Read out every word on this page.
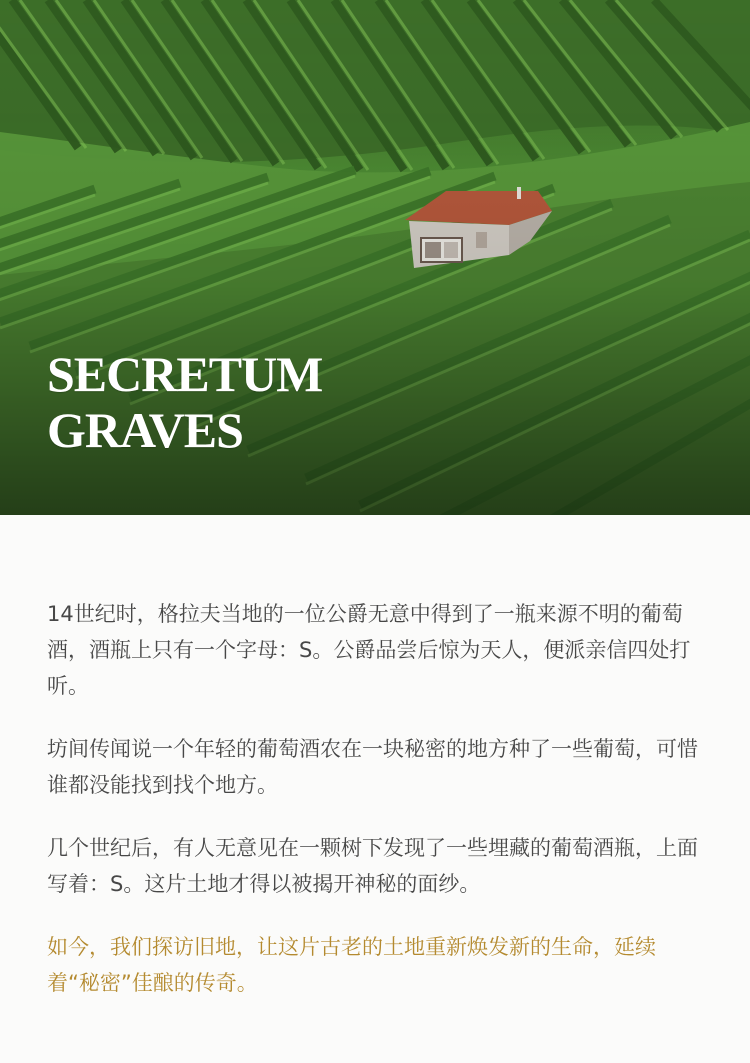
SECRETUM
GRAVES

14世纪时，格拉夫当地的一位公爵无意中得到了一瓶来源不明的葡萄酒，酒瓶上只有一个字母：S。公爵品尝后惊为天人，便派亲信四处打听。

坊间传闻说一个年轻的葡萄酒农在一块秘密的地方种了一些葡萄，可惜谁都没能找到找个地方。

几个世纪后，有人无意见在一颗树下发现了一些埋藏的葡萄酒瓶，上面写着：S。这片土地才得以被揭开神秘的面纱。

如今，我们探访旧地，让这片古老的土地重新焕发新的生命，延续着“秘密”佳酿的传奇。
